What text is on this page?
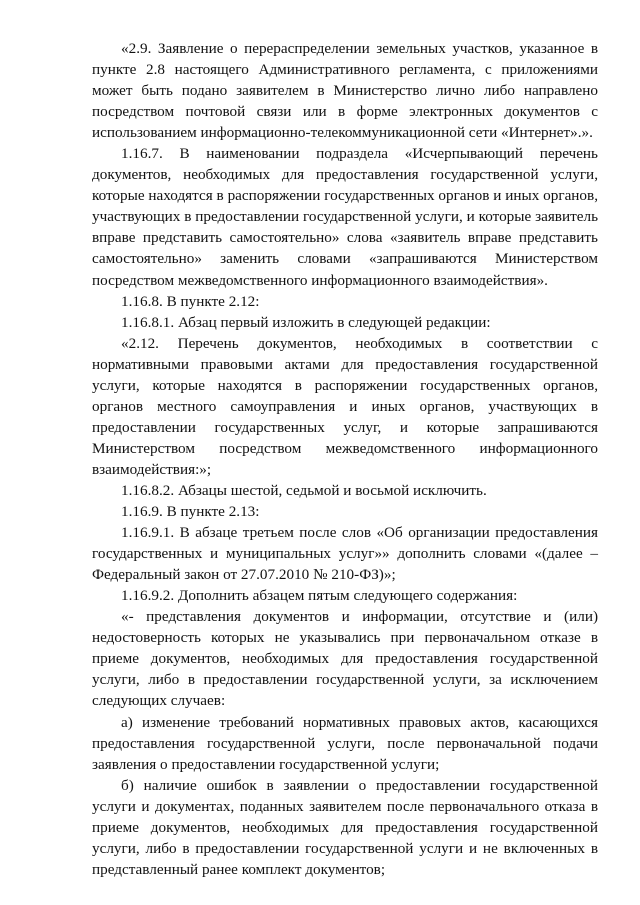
«2.9. Заявление о перераспределении земельных участков, указанное в пункте 2.8 настоящего Административного регламента, с приложениями может быть подано заявителем в Министерство лично либо направлено посредством почтовой связи или в форме электронных документов с использованием информационно-телекоммуникационной сети «Интернет».».

1.16.7. В наименовании подраздела «Исчерпывающий перечень документов, необходимых для предоставления государственной услуги, которые находятся в распоряжении государственных органов и иных органов, участвующих в предоставлении государственной услуги, и которые заявитель вправе представить самостоятельно» слова «заявитель вправе представить самостоятельно» заменить словами «запрашиваются Министерством посредством межведомственного информационного взаимодействия».

1.16.8. В пункте 2.12:

1.16.8.1. Абзац первый изложить в следующей редакции:

«2.12. Перечень документов, необходимых в соответствии с нормативными правовыми актами для предоставления государственной услуги, которые находятся в распоряжении государственных органов, органов местного самоуправления и иных органов, участвующих в предоставлении государственных услуг, и которые запрашиваются Министерством посредством межведомственного информационного взаимодействия:»;

1.16.8.2. Абзацы шестой, седьмой и восьмой исключить.

1.16.9. В пункте 2.13:

1.16.9.1. В абзаце третьем после слов «Об организации предоставления государственных и муниципальных услуг»» дополнить словами «(далее – Федеральный закон от 27.07.2010 № 210-ФЗ)»;

1.16.9.2. Дополнить абзацем пятым следующего содержания:

«- представления документов и информации, отсутствие и (или) недостоверность которых не указывались при первоначальном отказе в приеме документов, необходимых для предоставления государственной услуги, либо в предоставлении государственной услуги, за исключением следующих случаев:

а) изменение требований нормативных правовых актов, касающихся предоставления государственной услуги, после первоначальной подачи заявления о предоставлении государственной услуги;

б) наличие ошибок в заявлении о предоставлении государственной услуги и документах, поданных заявителем после первоначального отказа в приеме документов, необходимых для предоставления государственной услуги, либо в предоставлении государственной услуги и не включенных в представленный ранее комплект документов;
